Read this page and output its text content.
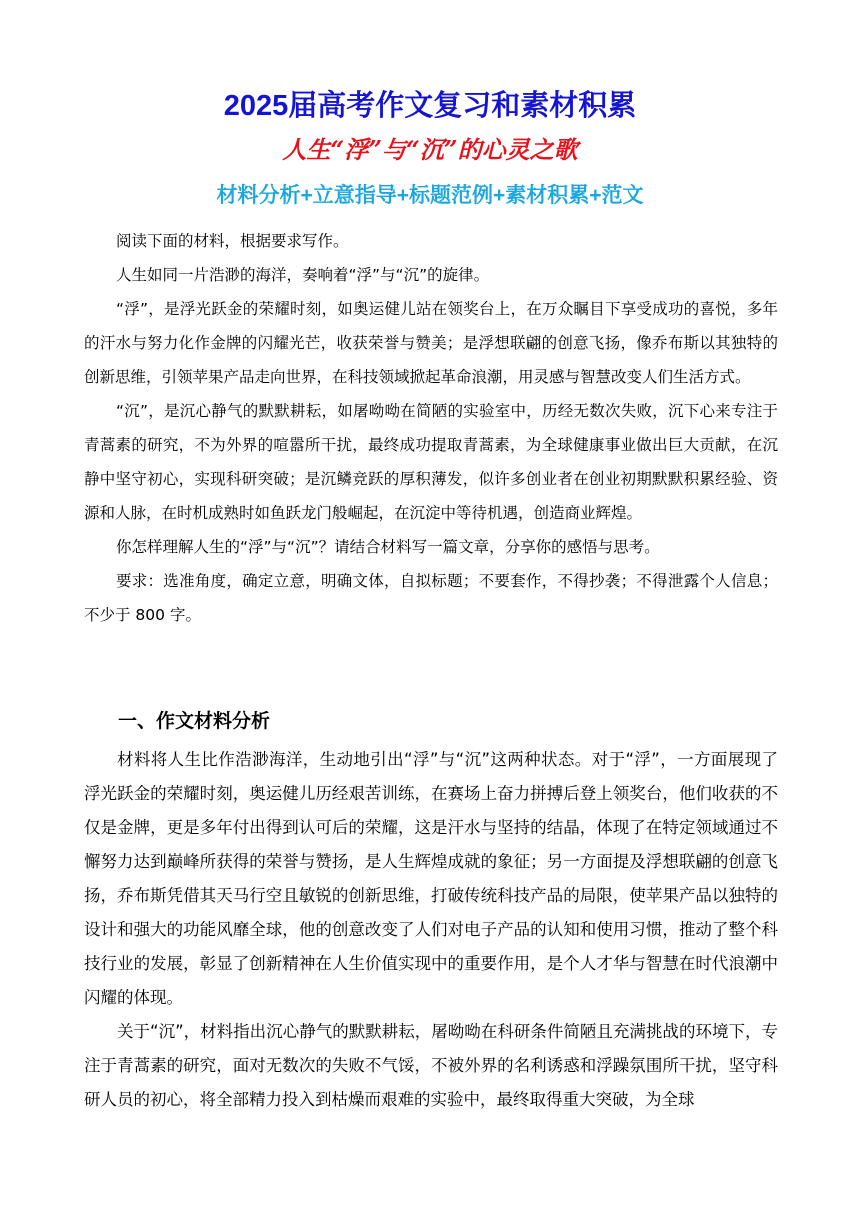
2025届高考作文复习和素材积累
人生“浮”与“沉”的心灵之歌
材料分析+立意指导+标题范例+素材积累+范文

阅读下面的材料，根据要求写作。

人生如同一片浩渺的海洋，奏响着“浮”与“沉”的旋律。

“浮”，是浮光跃金的荣耀时刻，如奥运健儿站在领奖台上，在万众瞩目下享受成功的喜悦，多年的汗水与努力化作金牌的闪耀光芒，收获荣誉与赞美；是浮想联翩的创意飞扬，像乔布斯以其独特的创新思维，引领苹果产品走向世界，在科技领域掀起革命浪潮，用灵感与智慧改变人们生活方式。

“沉”，是沉心静气的默默耕耘，如屠呦呦在简陋的实验室中，历经无数次失败，沉下心来专注于青蒿素的研究，不为外界的喧嚣所干扰，最终成功提取青蒿素，为全球健康事业做出巨大贡献，在沉静中坚守初心，实现科研突破；是沉鳞竞跃的厚积薄发，似许多创业者在创业初期默默积累经验、资源和人脉，在时机成熟时如鱼跃龙门般崛起，在沉淀中等待机遇，创造商业辉煌。

你怎样理解人生的“浮”与“沉”？请结合材料写一篇文章，分享你的感悟与思考。

要求：选准角度，确定立意，明确文体，自拟标题；不要套作，不得抄袭；不得泄露个人信息；不少于 800 字。

一、作文材料分析

材料将人生比作浩渺海洋，生动地引出“浮”与“沉”这两种状态。对于“浮”，一方面展现了浮光跃金的荣耀时刻，奥运健儿历经艰苦训练，在赛场上奋力拼搏后登上领奖台，他们收获的不仅是金牌，更是多年付出得到认可后的荣耀，这是汗水与坚持的结晶，体现了在特定领域通过不懈努力达到巅峰所获得的荣誉与赞扬，是人生辉煌成就的象征；另一方面提及浮想联翩的创意飞扬，乔布斯凭借其天马行空且敏锐的创新思维，打破传统科技产品的局限，使苹果产品以独特的设计和强大的功能风靡全球，他的创意改变了人们对电子产品的认知和使用习惯，推动了整个科技行业的发展，彰显了创新精神在人生价值实现中的重要作用，是个人才华与智慧在时代浪潮中闪耀的体现。

关于“沉”，材料指出沉心静气的默默耕耘，屠呦呦在科研条件简陋且充满挑战的环境下，专注于青蒿素的研究，面对无数次的失败不气馁，不被外界的名利诱惑和浮躁氛围所干扰，坚守科研人员的初心，将全部精力投入到枯燥而艰难的实验中，最终取得重大突破，为全球
